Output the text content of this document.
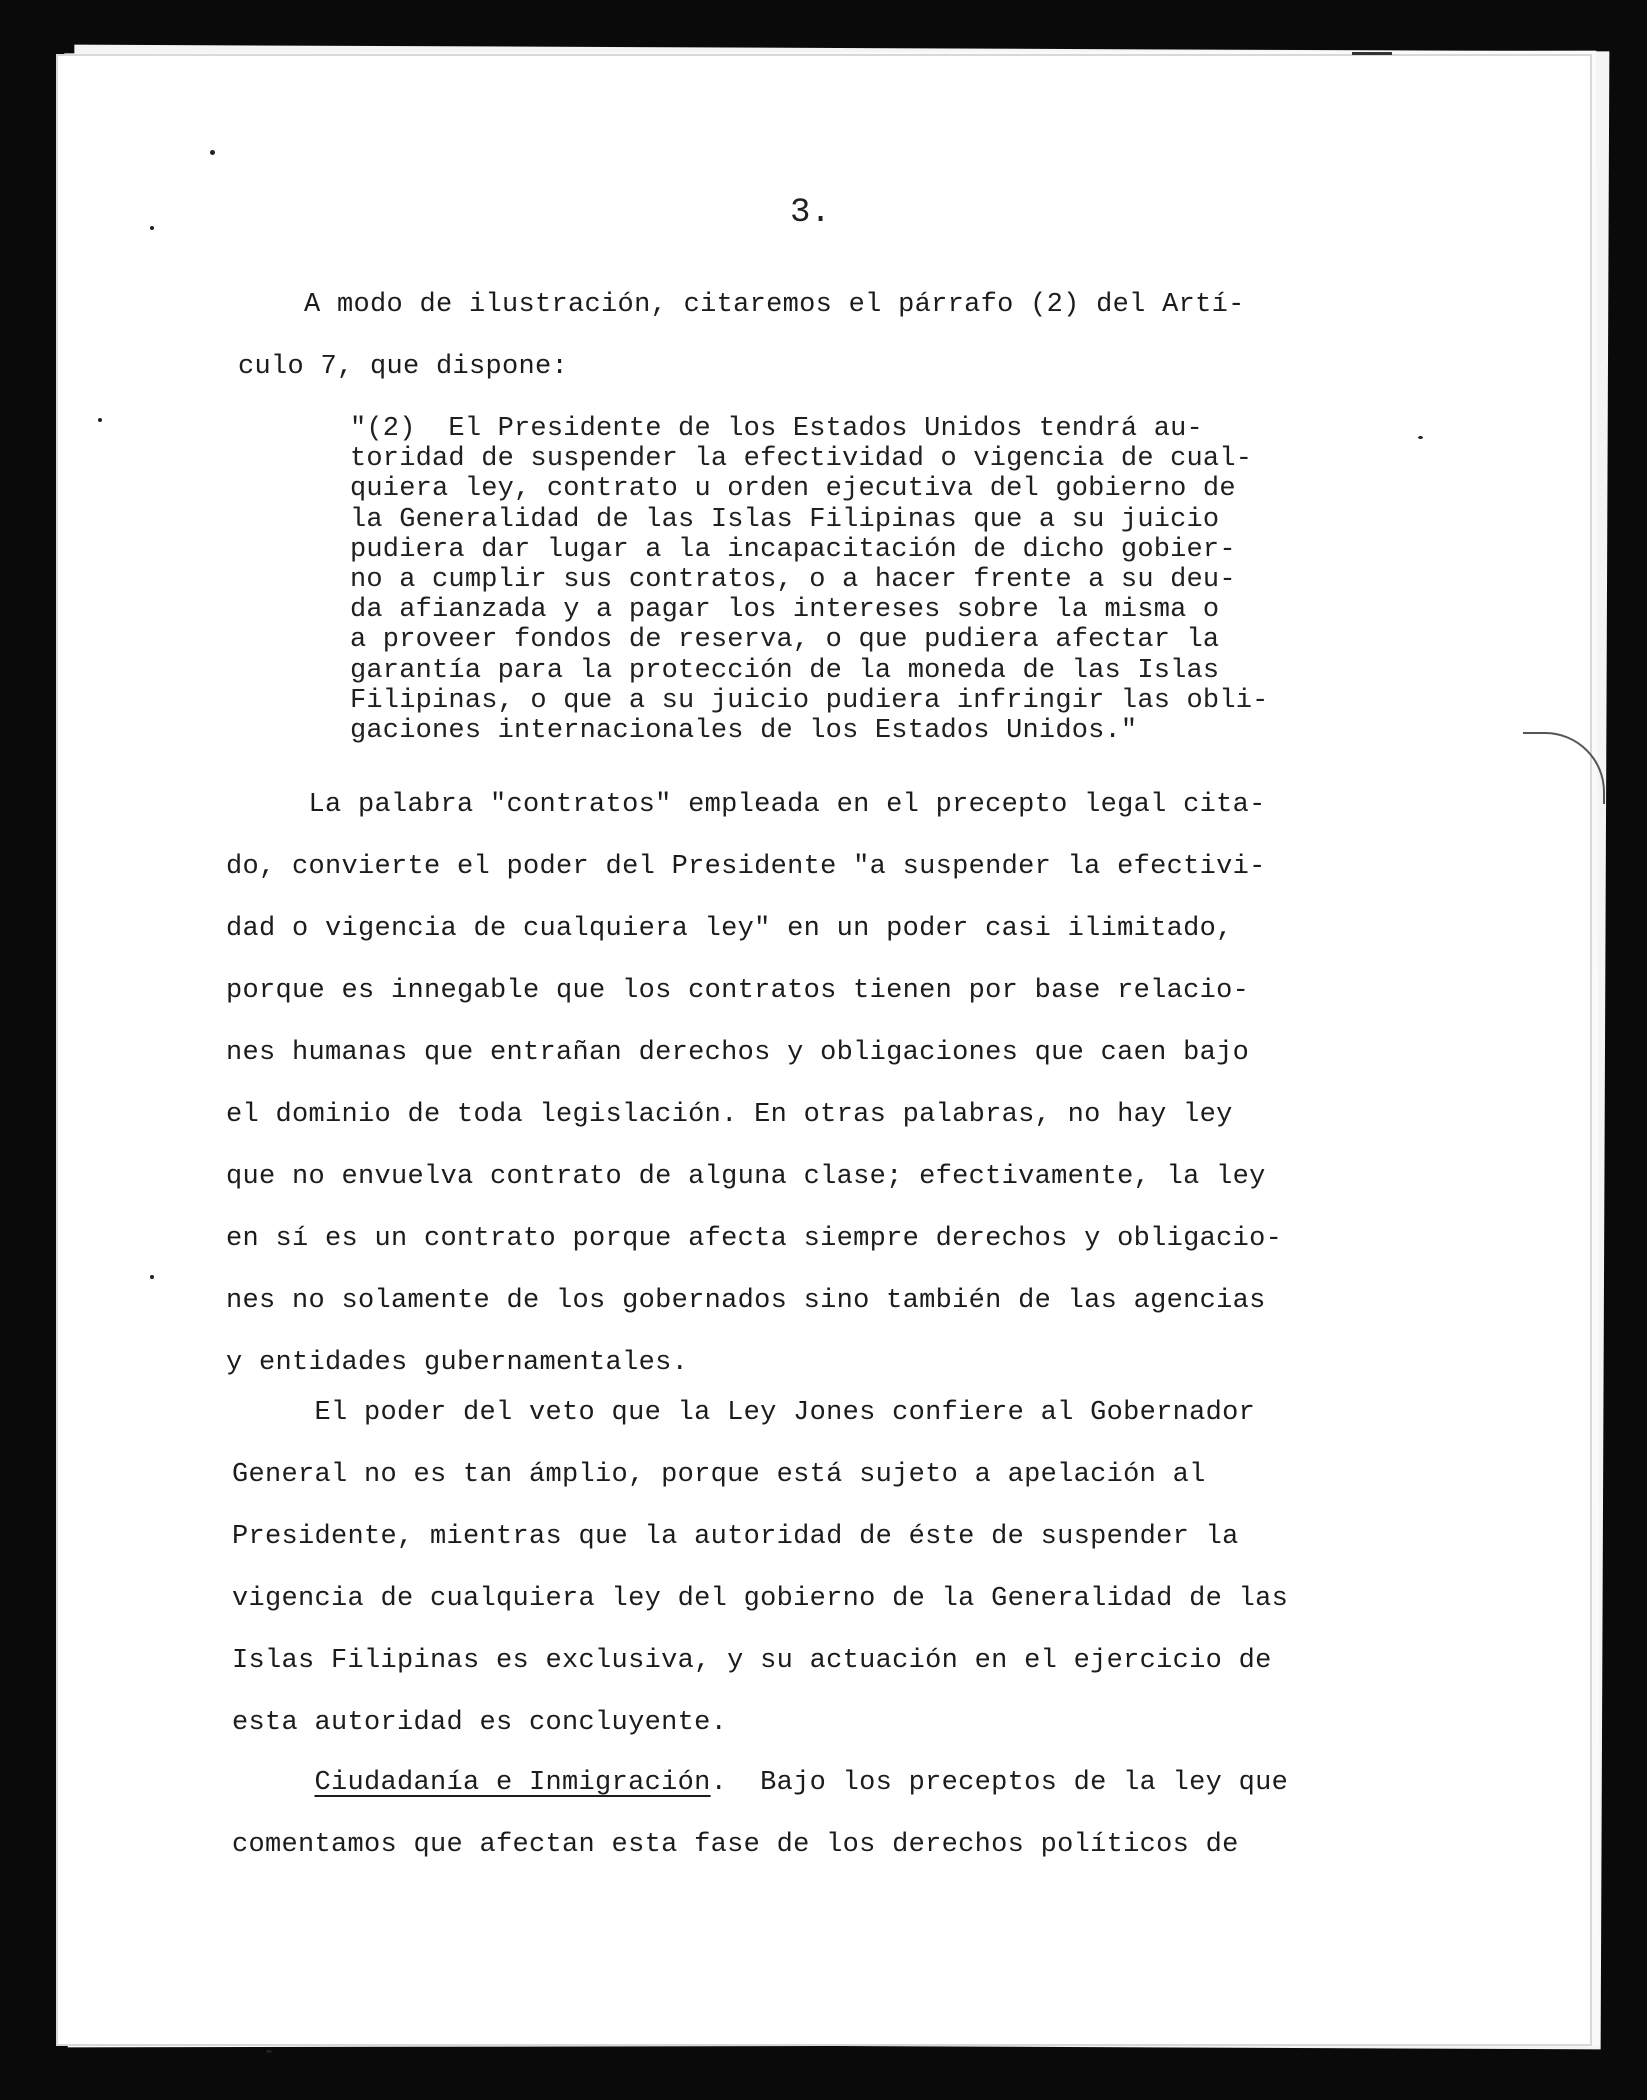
3.
A modo de ilustración, citaremos el párrafo (2) del Artí-
culo 7, que dispone:
"(2)  El Presidente de los Estados Unidos tendrá au-
toridad de suspender la efectividad o vigencia de cual-
quiera ley, contrato u orden ejecutiva del gobierno de
la Generalidad de las Islas Filipinas que a su juicio
pudiera dar lugar a la incapacitación de dicho gobier-
no a cumplir sus contratos, o a hacer frente a su deu-
da afianzada y a pagar los intereses sobre la misma o
a proveer fondos de reserva, o que pudiera afectar la
garantía para la protección de la moneda de las Islas
Filipinas, o que a su juicio pudiera infringir las obli-
gaciones internacionales de los Estados Unidos."
La palabra "contratos" empleada en el precepto legal cita-
do, convierte el poder del Presidente "a suspender la efectivi-
dad o vigencia de cualquiera ley" en un poder casi ilimitado,
porque es innegable que los contratos tienen por base relacio-
nes humanas que entrañan derechos y obligaciones que caen bajo
el dominio de toda legislación. En otras palabras, no hay ley
que no envuelva contrato de alguna clase; efectivamente, la ley
en sí es un contrato porque afecta siempre derechos y obligacio-
nes no solamente de los gobernados sino también de las agencias
y entidades gubernamentales.
El poder del veto que la Ley Jones confiere al Gobernador
General no es tan ámplio, porque está sujeto a apelación al
Presidente, mientras que la autoridad de éste de suspender la
vigencia de cualquiera ley del gobierno de la Generalidad de las
Islas Filipinas es exclusiva, y su actuación en el ejercicio de
esta autoridad es concluyente.
Ciudadanía e Inmigración.  Bajo los preceptos de la ley que
comentamos que afectan esta fase de los derechos políticos de
